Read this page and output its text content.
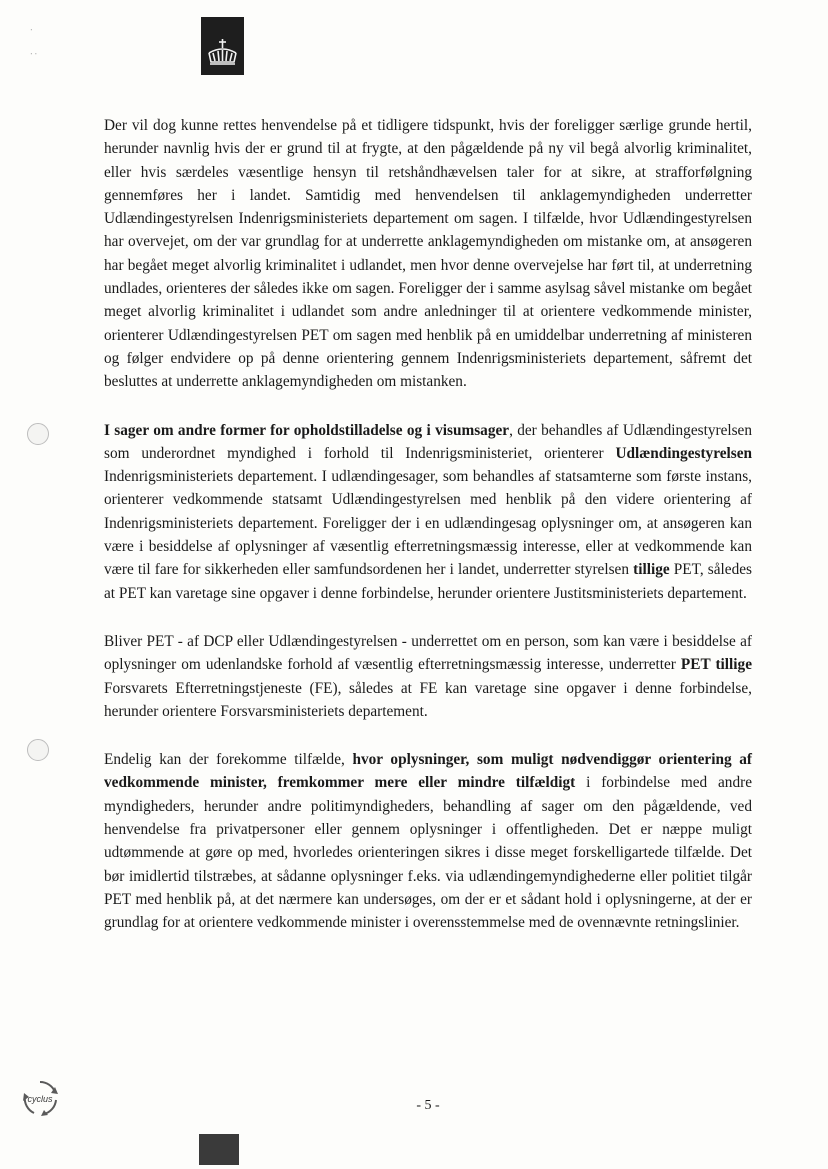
ᐧ
ᐧ ᐧ

Der vil dog kunne rettes henvendelse på et tidligere tidspunkt, hvis der foreligger særlige grunde hertil, herunder navnlig hvis der er grund til at frygte, at den pågældende på ny vil begå alvorlig kriminalitet, eller hvis særdeles væsentlige hensyn til retshåndhævelsen taler for at sikre, at strafforfølgning gennemføres her i landet. Samtidig med henvendelsen til anklagemyndigheden underretter Udlændingestyrelsen Indenrigsministeriets departement om sagen. I tilfælde, hvor Udlændingestyrelsen har overvejet, om der var grundlag for at underrette anklagemyndigheden om mistanke om, at ansøgeren har begået meget alvorlig kriminalitet i udlandet, men hvor denne overvejelse har ført til, at underretning undlades, orienteres der således ikke om sagen. Foreligger der i samme asylsag såvel mistanke om begået meget alvorlig kriminalitet i udlandet som andre anledninger til at orientere vedkommende minister, orienterer Udlændingestyrelsen PET om sagen med henblik på en umiddelbar underretning af ministeren og følger endvidere op på denne orientering gennem Indenrigsministeriets departement, såfremt det besluttes at underrette anklagemyndigheden om mistanken.

I sager om andre former for opholdstilladelse og i visumsager, der behandles af Udlændingestyrelsen som underordnet myndighed i forhold til Indenrigsministeriet, orienterer Udlændingestyrelsen Indenrigsministeriets departement. I udlændingesager, som behandles af statsamterne som første instans, orienterer vedkommende statsamt Udlændingestyrelsen med henblik på den videre orientering af Indenrigsministeriets departement. Foreligger der i en udlændingesag oplysninger om, at ansøgeren kan være i besiddelse af oplysninger af væsentlig efterretningsmæssig interesse, eller at vedkommende kan være til fare for sikkerheden eller samfundsordenen her i landet, underretter styrelsen tillige PET, således at PET kan varetage sine opgaver i denne forbindelse, herunder orientere Justitsministeriets departement.

Bliver PET - af DCP eller Udlændingestyrelsen - underrettet om en person, som kan være i besiddelse af oplysninger om udenlandske forhold af væsentlig efterretningsmæssig interesse, underretter PET tillige Forsvarets Efterretningstjeneste (FE), således at FE kan varetage sine opgaver i denne forbindelse, herunder orientere Forsvarsministeriets departement.

Endelig kan der forekomme tilfælde, hvor oplysninger, som muligt nødvendiggør orientering af vedkommende minister, fremkommer mere eller mindre tilfældigt i forbindelse med andre myndigheders, herunder andre politimyndigheders, behandling af sager om den pågældende, ved henvendelse fra privatpersoner eller gennem oplysninger i offentligheden. Det er næppe muligt udtømmende at gøre op med, hvorledes orienteringen sikres i disse meget forskelligartede tilfælde. Det bør imidlertid tilstræbes, at sådanne oplysninger f.eks. via udlændingemyndighederne eller politiet tilgår PET med henblik på, at det nærmere kan undersøges, om der er et sådant hold i oplysningerne, at der er grundlag for at orientere vedkommende minister i overensstemmelse med de ovennævnte retningslinier.

cyclus	- 5 -
